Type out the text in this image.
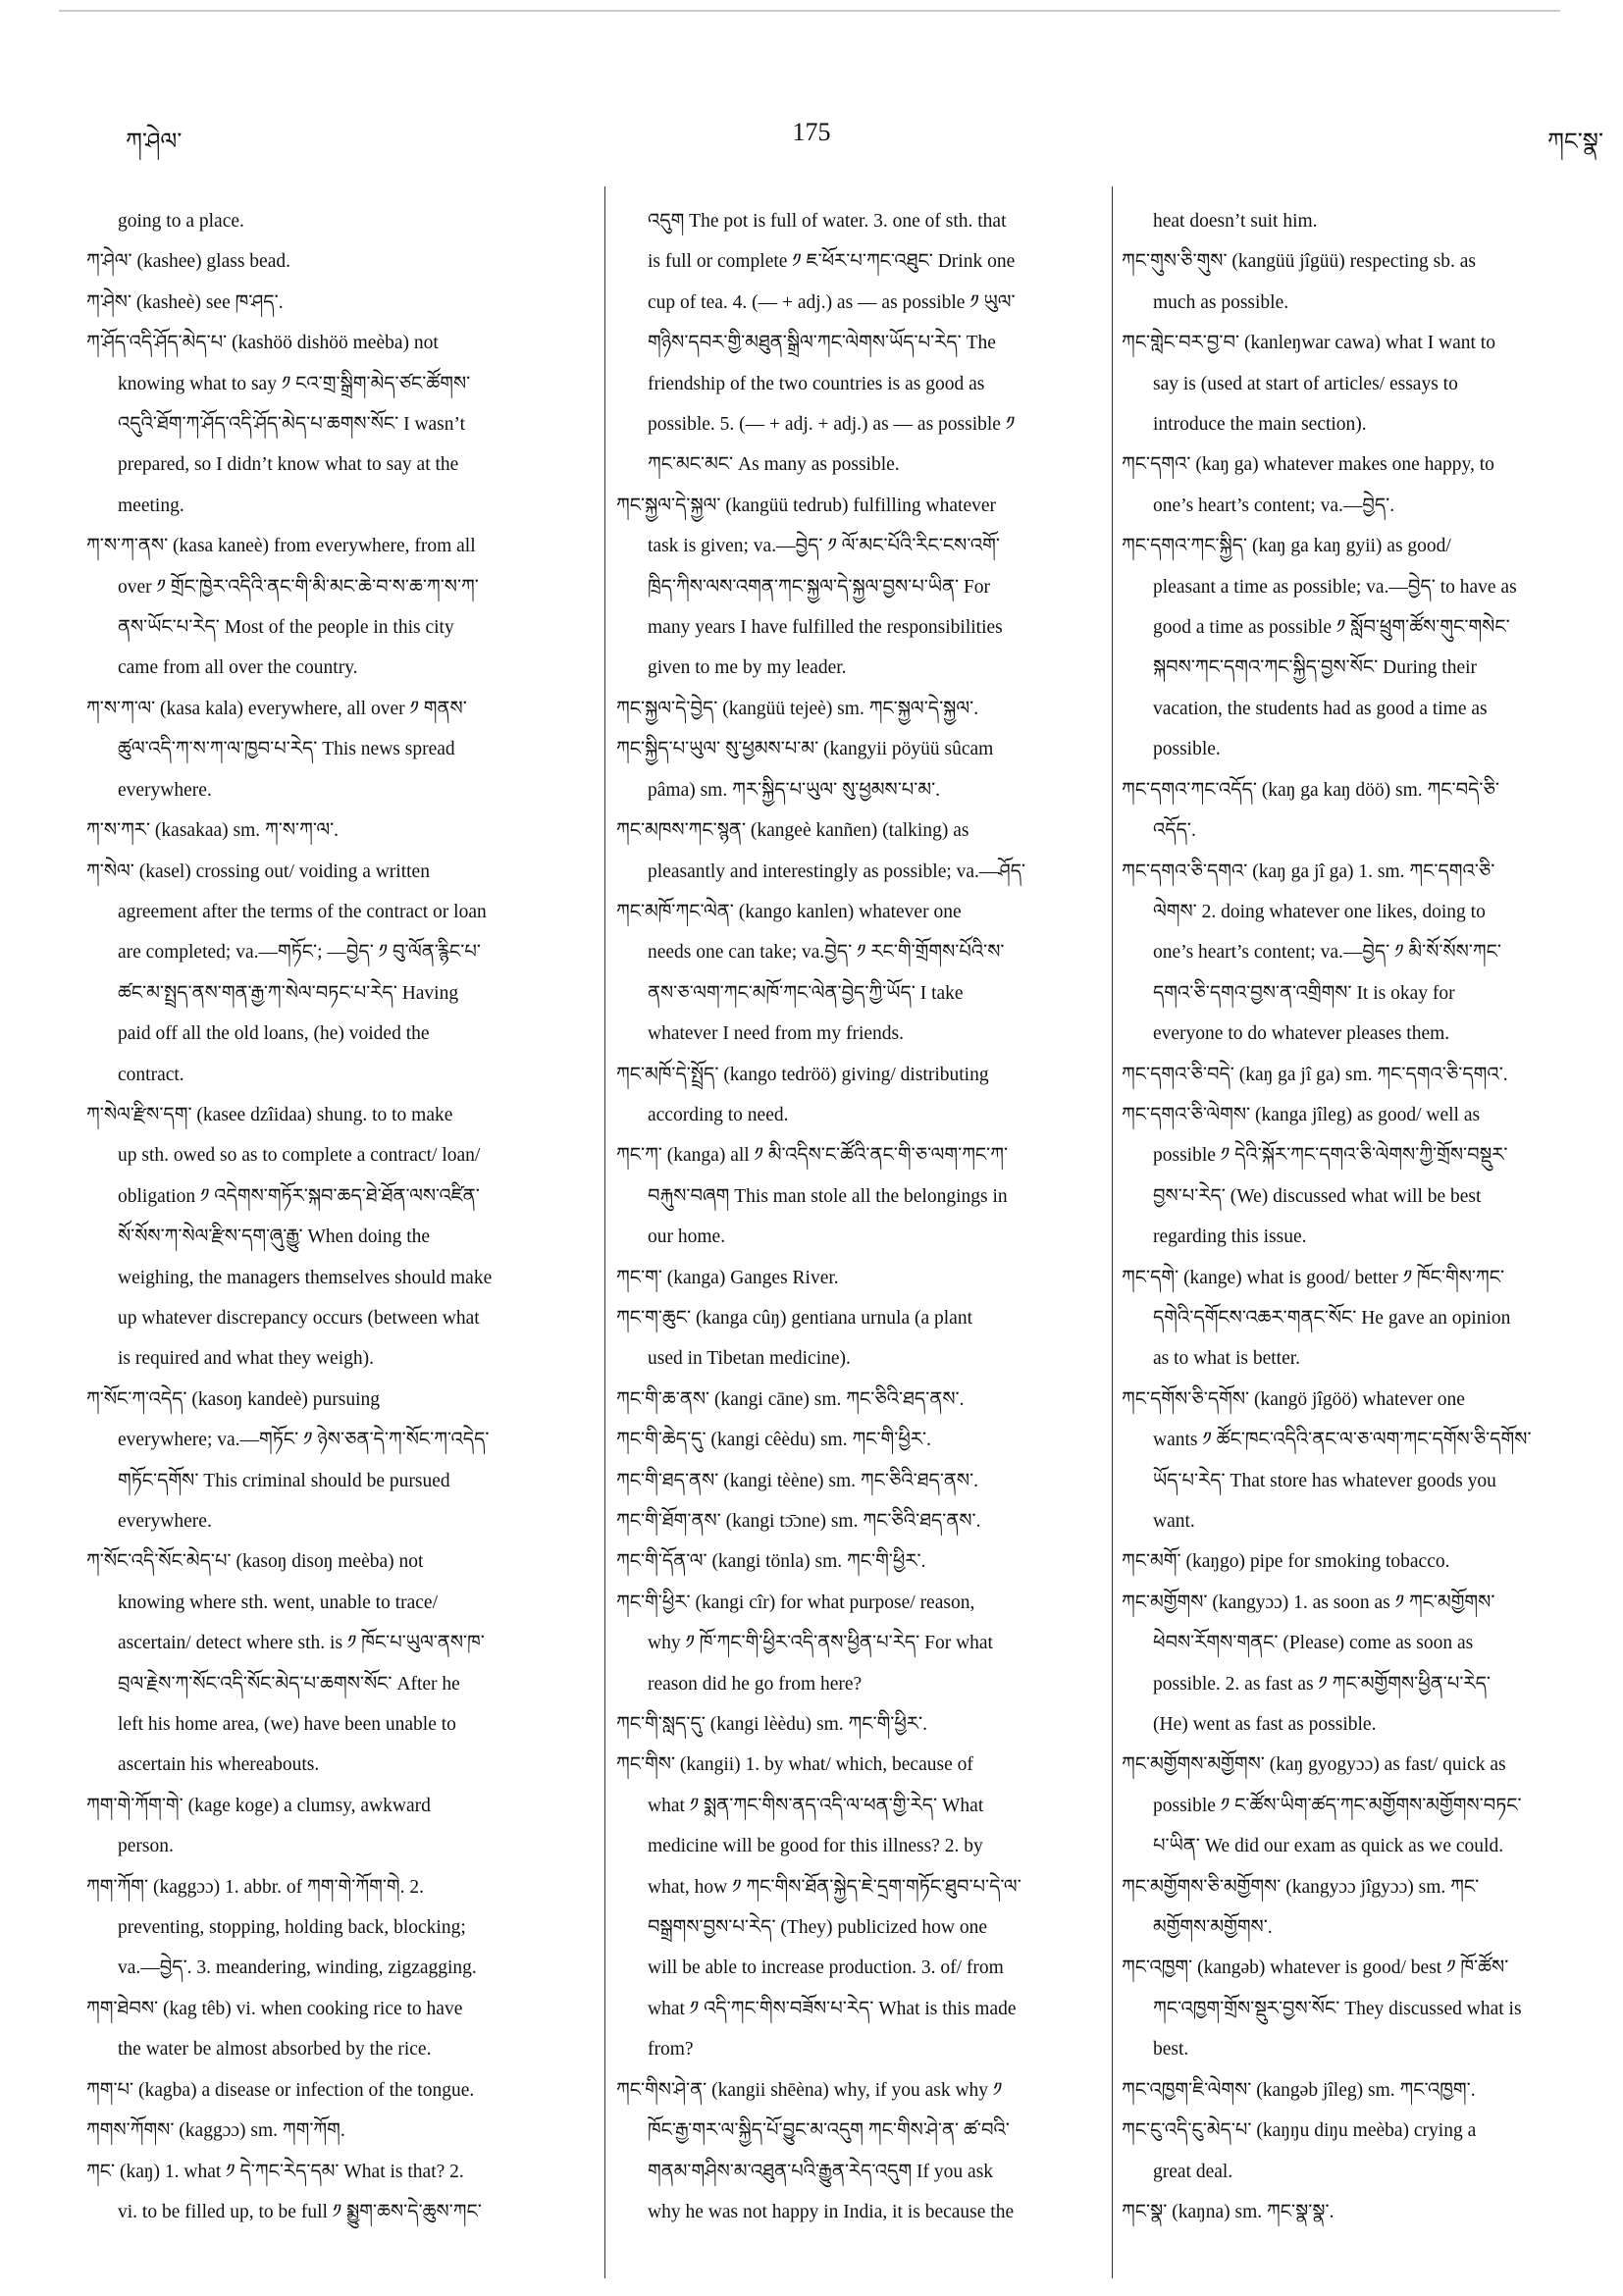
ཀ་ཤེལ་	175	ཀང་སྣ་
going to a place.
ཀ་ཤེལ་ (kashee) glass bead.
ཀ་ཤེས་ (kasheè) see ཁ་ཤད་.
ཀ་ཤོད་འདི་ཤོད་མེད་པ་ (kashöö dishöö meèba) not
knowing what to say ༡ ངའ་གྲ་སྒྲིག་མེད་ཙང་ཚོགས་
འདུའི་ཐོག་ཀ་ཤོད་འདི་ཤོད་མེད་པ་ཆགས་སོང་ I wasn’t
prepared, so I didn’t know what to say at the
meeting.
ཀ་ས་ཀ་ནས་ (kasa kaneè) from everywhere, from all
over ༡ གྲོང་ཁྱེར་འདིའི་ནང་གི་མི་མང་ཆེ་བ་ས་ཆ་ཀ་ས་ཀ་
ནས་ཡོང་པ་རེད་ Most of the people in this city
came from all over the country.
ཀ་ས་ཀ་ལ་ (kasa kala) everywhere, all over ༡ གནས་
ཚུལ་འདི་ཀ་ས་ཀ་ལ་ཁྱབ་པ་རེད་ This news spread
everywhere.
ཀ་ས་ཀར་ (kasakaa) sm. ཀ་ས་ཀ་ལ་.
ཀ་སེལ་ (kasel) crossing out/ voiding a written
agreement after the terms of the contract or loan
are completed; va.—གཏོང་; —བྱེད་ ༡ བུ་ལོན་རྙིང་པ་
ཚང་མ་སྤྲད་ནས་གན་རྒྱ་ཀ་སེལ་བཏང་པ་རེད་ Having
paid off all the old loans, (he) voided the
contract.
ཀ་སེལ་རྫིས་དག་ (kasee dzîidaa) shung. to to make
up sth. owed so as to complete a contract/ loan/
obligation ༡ འདེགས་གཏོར་སྐབ་ཆད་ཐེ་ཐོན་ལས་འཛིན་
སོ་སོས་ཀ་སེལ་རྫིས་དག་ཞུ་རྒྱུ་ When doing the
weighing, the managers themselves should make
up whatever discrepancy occurs (between what
is required and what they weigh).
ཀ་སོང་ཀ་འདེད་ (kasoŋ kandeè) pursuing
everywhere; va.—གཏོང་ ༡ ཉེས་ཅན་དེ་ཀ་སོང་ཀ་འདེད་
གཏོང་དགོས་ This criminal should be pursued
everywhere.
ཀ་སོང་འདི་སོང་མེད་པ་ (kasoŋ disoŋ meèba) not
knowing where sth. went, unable to trace/
ascertain/ detect where sth. is ༡ ཁོང་པ་ཡུལ་ནས་ཁ་
བྲལ་རྗེས་ཀ་སོང་འདི་སོང་མེད་པ་ཆགས་སོང་ After he
left his home area, (we) have been unable to
ascertain his whereabouts.
ཀག་གེ་ཀོག་གེ་ (kage koge) a clumsy, awkward
person.
ཀག་ཀོག་ (kaggɔɔ) 1. abbr. of ཀག་གེ་ཀོག་གེ. 2.
preventing, stopping, holding back, blocking;
va.—བྱེད་. 3. meandering, winding, zigzagging.
ཀག་ཐེབས་ (kag têb) vi. when cooking rice to have
the water be almost absorbed by the rice.
ཀག་པ་ (kagba) a disease or infection of the tongue.
ཀགས་ཀོགས་ (kaggɔɔ) sm. ཀག་ཀོག.
ཀང་ (kaŋ) 1. what ༡ དེ་ཀང་རེད་དམ་ What is that? 2.
vi. to be filled up, to be full ༡ སྨྱུག་ཆས་དེ་ཆུས་ཀང་
འདུག The pot is full of water. 3. one of sth. that
is full or complete ༡ ཇ་ཕོར་པ་ཀང་འཐུང་ Drink one
cup of tea. 4. (— + adj.) as — as possible ༡ ཡུལ་
གཉིས་དབར་གྱི་མཐུན་སྒྲིལ་ཀང་ལེགས་ཡོད་པ་རེད་ The
friendship of the two countries is as good as
possible. 5. (— + adj. + adj.) as — as possible ༡
ཀང་མང་མང་ As many as possible.
ཀང་སྐྱལ་དེ་སྐྱལ་ (kangüü tedrub) fulfilling whatever
task is given; va.—བྱེད་ ༡ ལོ་མང་པོའི་རིང་ངས་འགོ་
ཁྲིད་ཀིས་ལས་འགན་ཀང་སྐྱལ་དེ་སྐྱལ་བྱས་པ་ཡིན་ For
many years I have fulfilled the responsibilities
given to me by my leader.
ཀང་སྐྱལ་དེ་བྱེད་ (kangüü tejeè) sm. ཀང་སྐྱལ་དེ་སྐྱལ་.
ཀང་སྐྱིད་པ་ཡུལ་ སུ་ཕྱམས་པ་མ་ (kangyii pöyüü sûcam
pâma) sm. ཀར་སྐྱིད་པ་ཡུལ་ སུ་ཕྱམས་པ་མ་.
ཀང་མཁས་ཀང་སྙན་ (kangeè kanñen) (talking) as
pleasantly and interestingly as possible; va.—ཤོད་
ཀང་མཁོ་ཀང་ལེན་ (kango kanlen) whatever one
needs one can take; va.བྱེད་ ༡ རང་གི་གྲོགས་པོའི་ས་
ནས་ཅ་ལག་ཀང་མཁོ་ཀང་ལེན་བྱེད་ཀྱི་ཡོད་ I take
whatever I need from my friends.
ཀང་མཁོ་དེ་སྤྲོད་ (kango tedröö) giving/ distributing
according to need.
ཀང་ཀ་ (kanga) all ༡ མི་འདིས་ང་ཚོའི་ནང་གི་ཅ་ལག་ཀང་ཀ་
བརྐུས་བཞག This man stole all the belongings in
our home.
ཀང་ག་ (kanga) Ganges River.
ཀང་ག་ཆུང་ (kanga cûŋ) gentiana urnula (a plant
used in Tibetan medicine).
ཀང་གི་ཆ་ནས་ (kangi cāne) sm. ཀང་ཅིའི་ཐད་ནས་.
ཀང་གི་ཆེད་དུ་ (kangi cêèdu) sm. ཀང་གི་ཕྱིར་.
ཀང་གི་ཐད་ནས་ (kangi tèène) sm. ཀང་ཅིའི་ཐད་ནས་.
ཀང་གི་ཐོག་ནས་ (kangi tɔ̄ɔne) sm. ཀང་ཅིའི་ཐད་ནས་.
ཀང་གི་དོན་ལ་ (kangi tönla) sm. ཀང་གི་ཕྱིར་.
ཀང་གི་ཕྱིར་ (kangi cîr) for what purpose/ reason,
why ༡ ཁོ་ཀང་གི་ཕྱིར་འདི་ནས་ཕྱིན་པ་རེད་ For what
reason did he go from here?
ཀང་གི་སླད་དུ་ (kangi lèèdu) sm. ཀང་གི་ཕྱིར་.
ཀང་གིས་ (kangii) 1. by what/ which, because of
what ༡ སྨན་ཀང་གིས་ནད་འདི་ལ་ཕན་གྱི་རེད་ What
medicine will be good for this illness? 2. by
what, how ༡ ཀང་གིས་ཐོན་སྐྱེད་ཇེ་དྲག་གཏོང་ཐུབ་པ་དེ་ལ་
བསྒྲགས་བྱས་པ་རེད་ (They) publicized how one
will be able to increase production. 3. of/ from
what ༡ འདི་ཀང་གིས་བཟོས་པ་རེད་ What is this made
from?
ཀང་གིས་ཤེ་ན་ (kangii shēèna) why, if you ask why ༡
ཁོང་རྒྱ་གར་ལ་སྐྱིད་པོ་བྱུང་མ་འདུག ཀང་གིས་ཤེ་ན་ ཚ་བའི་
གནམ་གཤིས་མ་འཐུན་པའི་རྒྱུན་རེད་འདུག If you ask
why he was not happy in India, it is because the
heat doesn’t suit him.
ཀང་གུས་ཅི་གུས་ (kangüü jîgüü) respecting sb. as
much as possible.
ཀང་གླེང་བར་བྱ་བ་ (kanleŋwar cawa) what I want to
say is (used at start of articles/ essays to
introduce the main section).
ཀང་དགའ་ (kaŋ ga) whatever makes one happy, to
one’s heart’s content; va.—བྱེད་.
ཀང་དགའ་ཀང་སྐྱིད་ (kaŋ ga kaŋ gyii) as good/
pleasant a time as possible; va.—བྱེད་ to have as
good a time as possible ༡ སློབ་ཕྲུག་ཚོས་གུང་གསེང་
སྐབས་ཀང་དགའ་ཀང་སྐྱིད་བྱས་སོང་ During their
vacation, the students had as good a time as
possible.
ཀང་དགའ་ཀང་འདོད་ (kaŋ ga kaŋ döö) sm. ཀང་བདེ་ཅི་
འདོད་.
ཀང་དགའ་ཅི་དགའ་ (kaŋ ga jî ga) 1. sm. ཀང་དགའ་ཅི་
ལེགས་ 2. doing whatever one likes, doing to
one’s heart’s content; va.—བྱེད་ ༡ མི་སོ་སོས་ཀང་
དགའ་ཅི་དགའ་བྱས་ན་འགྲིགས་ It is okay for
everyone to do whatever pleases them.
ཀང་དགའ་ཅི་བདེ་ (kaŋ ga jî ga) sm. ཀང་དགའ་ཅི་དགའ་.
ཀང་དགའ་ཅི་ལེགས་ (kanga jîleg) as good/ well as
possible ༡ དེའི་སྐོར་ཀང་དགའ་ཅི་ལེགས་ཀྱི་གྲོས་བསྡུར་
བྱས་པ་རེད་ (We) discussed what will be best
regarding this issue.
ཀང་དགེ་ (kange) what is good/ better ༡ ཁོང་གིས་ཀང་
དགེའི་དགོངས་འཆར་གནང་སོང་ He gave an opinion
as to what is better.
ཀང་དགོས་ཅི་དགོས་ (kangö jîgöö) whatever one
wants ༡ ཚོང་ཁང་འདིའི་ནང་ལ་ཅ་ལག་ཀང་དགོས་ཅི་དགོས་
ཡོད་པ་རེད་ That store has whatever goods you
want.
ཀང་མགོ་ (kaŋgo) pipe for smoking tobacco.
ཀང་མགྱོགས་ (kangyɔɔ) 1. as soon as ༡ ཀང་མགྱོགས་
ཕེབས་རོགས་གནང་ (Please) come as soon as
possible. 2. as fast as ༡ ཀང་མགྱོགས་ཕྱིན་པ་རེད་
(He) went as fast as possible.
ཀང་མགྱོགས་མགྱོགས་ (kaŋ gyogyɔɔ) as fast/ quick as
possible ༡ ང་ཚོས་ཡིག་ཚད་ཀང་མགྱོགས་མགྱོགས་བཏང་
པ་ཡིན་ We did our exam as quick as we could.
ཀང་མགྱོགས་ཅི་མགྱོགས་ (kangyɔɔ jîgyɔɔ) sm. ཀང་
མགྱོགས་མགྱོགས་.
ཀང་འཁྱག་ (kangəb) whatever is good/ best ༡ ཁོ་ཚོས་
ཀང་འཁྱག་གྲོས་སྡུར་བྱས་སོང་ They discussed what is
best.
ཀང་འཁྱག་ཇི་ལེགས་ (kangəb jîleg) sm. ཀང་འཁྱག་.
ཀང་ངུ་འདི་ངུ་མེད་པ་ (kaŋŋu diŋu meèba) crying a
great deal.
ཀང་སྣ་ (kaŋna) sm. ཀང་སྣ་སྣ་.
